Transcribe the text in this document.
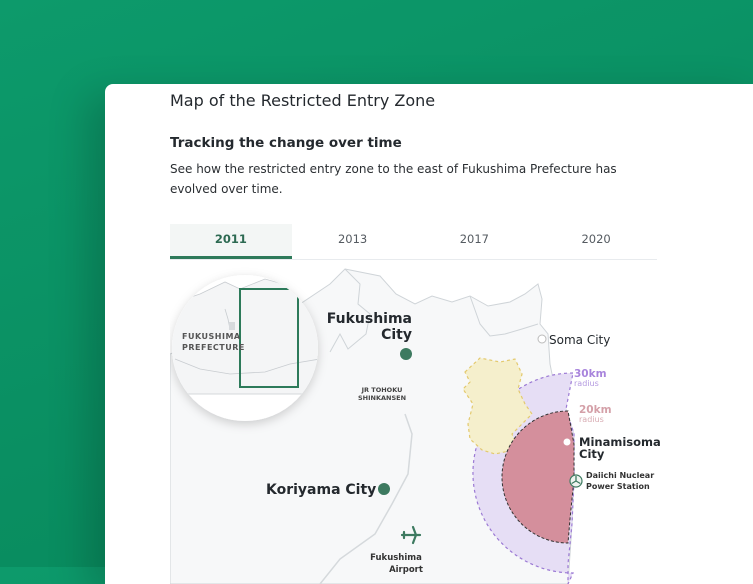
Map of the Restricted Entry Zone
Tracking the change over time
See how the restricted entry zone to the east of Fukushima Prefecture has evolved over time.
2011	2013	2017	2020
FUKUSHIMA
PREFECTURE
Fukushima
City	Soma City
Koriyama City
Minamisoma
City
JR TOHOKU
SHINKANSEN
Daiichi Nuclear
Power Station
30km
radius
20km
radius
Fukushima
Airport
